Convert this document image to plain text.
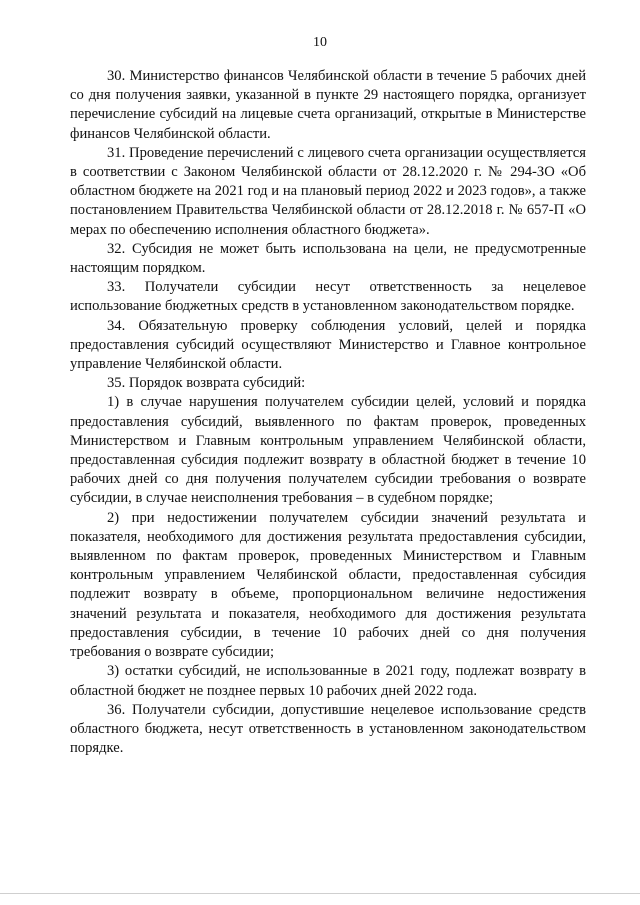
10

30. Министерство финансов Челябинской области в течение 5 рабочих дней со дня получения заявки, указанной в пункте 29 настоящего порядка, организует перечисление субсидий на лицевые счета организаций, открытые в Министерстве финансов Челябинской области.

31. Проведение перечислений с лицевого счета организации осуществляется в соответствии с Законом Челябинской области от 28.12.2020 г. № 294-ЗО «Об областном бюджете на 2021 год и на плановый период 2022 и 2023 годов», а также постановлением Правительства Челябинской области от 28.12.2018 г. № 657-П «О мерах по обеспечению исполнения областного бюджета».

32. Субсидия не может быть использована на цели, не предусмотренные настоящим порядком.

33. Получатели субсидии несут ответственность за нецелевое использование бюджетных средств в установленном законодательством порядке.

34. Обязательную проверку соблюдения условий, целей и порядка предоставления субсидий осуществляют Министерство и Главное контрольное управление Челябинской области.

35. Порядок возврата субсидий:

1) в случае нарушения получателем субсидии целей, условий и порядка предоставления субсидий, выявленного по фактам проверок, проведенных Министерством и Главным контрольным управлением Челябинской области, предоставленная субсидия подлежит возврату в областной бюджет в течение 10 рабочих дней со дня получения получателем субсидии требования о возврате субсидии, в случае неисполнения требования – в судебном порядке;

2) при недостижении получателем субсидии значений результата и показателя, необходимого для достижения результата предоставления субсидии, выявленном по фактам проверок, проведенных Министерством и Главным контрольным управлением Челябинской области, предоставленная субсидия подлежит возврату в объеме, пропорциональном величине недостижения значений результата и показателя, необходимого для достижения результата предоставления субсидии, в течение 10 рабочих дней со дня получения требования о возврате субсидии;

3) остатки субсидий, не использованные в 2021 году, подлежат возврату в областной бюджет не позднее первых 10 рабочих дней 2022 года.

36. Получатели субсидии, допустившие нецелевое использование средств областного бюджета, несут ответственность в установленном законодательством порядке.
